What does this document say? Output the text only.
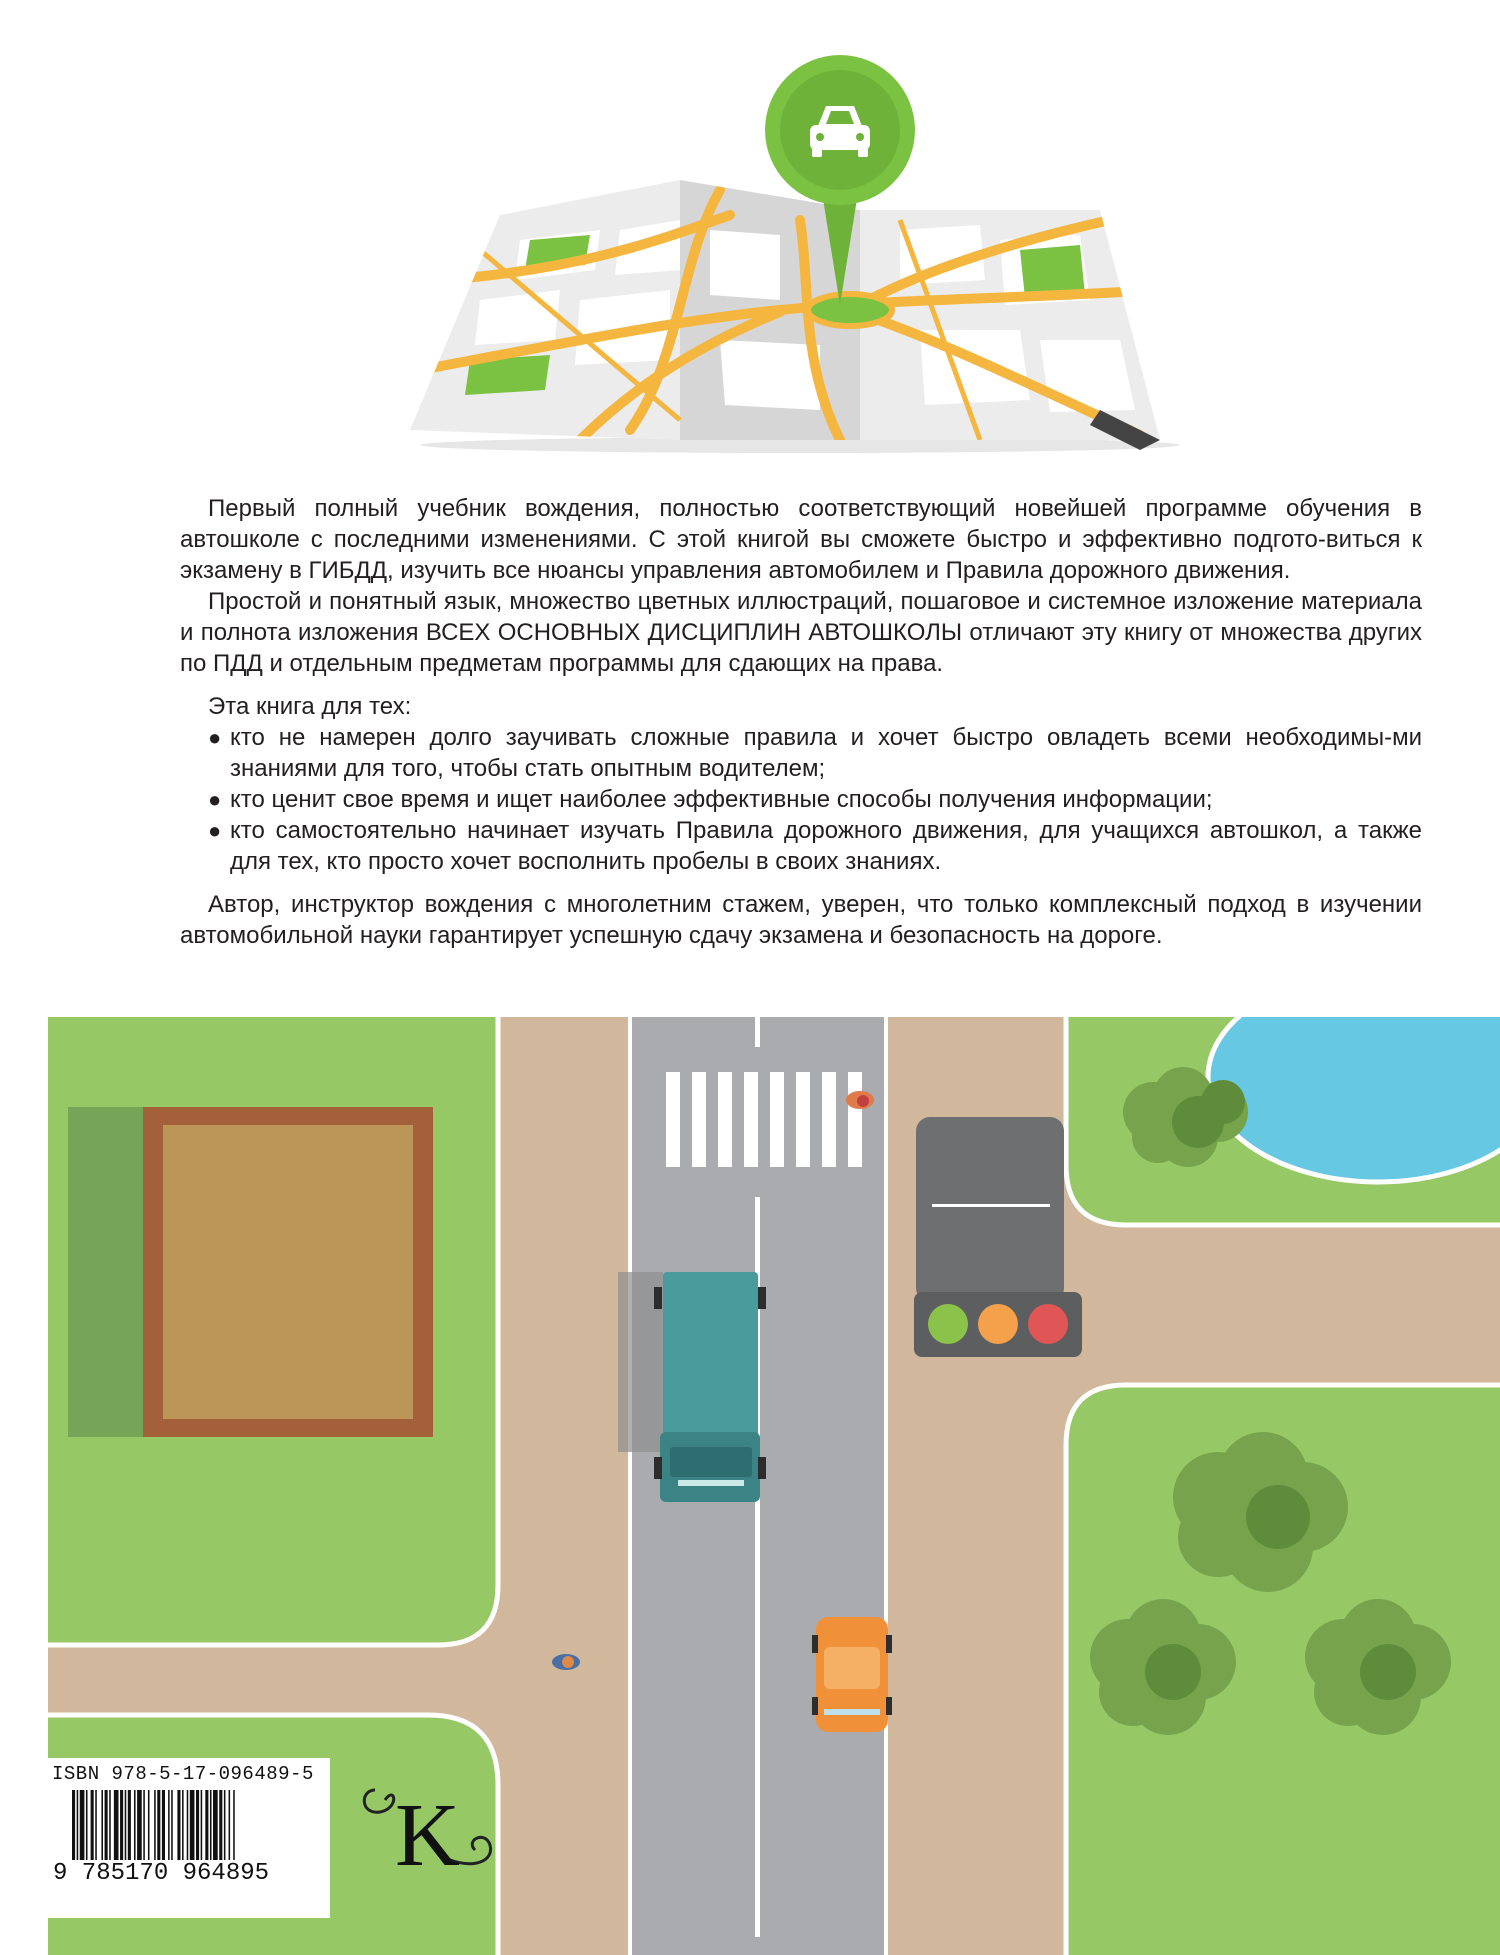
Первый полный учебник вождения, полностью соответствующий новейшей программе обучения в автошколе с последними изменениями. С этой книгой вы сможете быстро и эффективно подгото-виться к экзамену в ГИБДД, изучить все нюансы управления автомобилем и Правила дорожного движения.

Простой и понятный язык, множество цветных иллюстраций, пошаговое и системное изложение материала и полнота изложения ВСЕХ ОСНОВНЫХ ДИСЦИПЛИН АВТОШКОЛЫ отличают эту книгу от множества других по ПДД и отдельным предметам программы для сдающих на права.

Эта книга для тех:

● кто не намерен долго заучивать сложные правила и хочет быстро овладеть всеми необходимы-ми знаниями для того, чтобы стать опытным водителем;
● кто ценит свое время и ищет наиболее эффективные способы получения информации;
● кто самостоятельно начинает изучать Правила дорожного движения, для учащихся автошкол, а также для тех, кто просто хочет восполнить пробелы в своих знаниях.

Автор, инструктор вождения с многолетним стажем, уверен, что только комплексный подход в изучении автомобильной науки гарантирует успешную сдачу экзамена и безопасность на дороге.

ISBN 978-5-17-096489-5
9 785170 964895	K
